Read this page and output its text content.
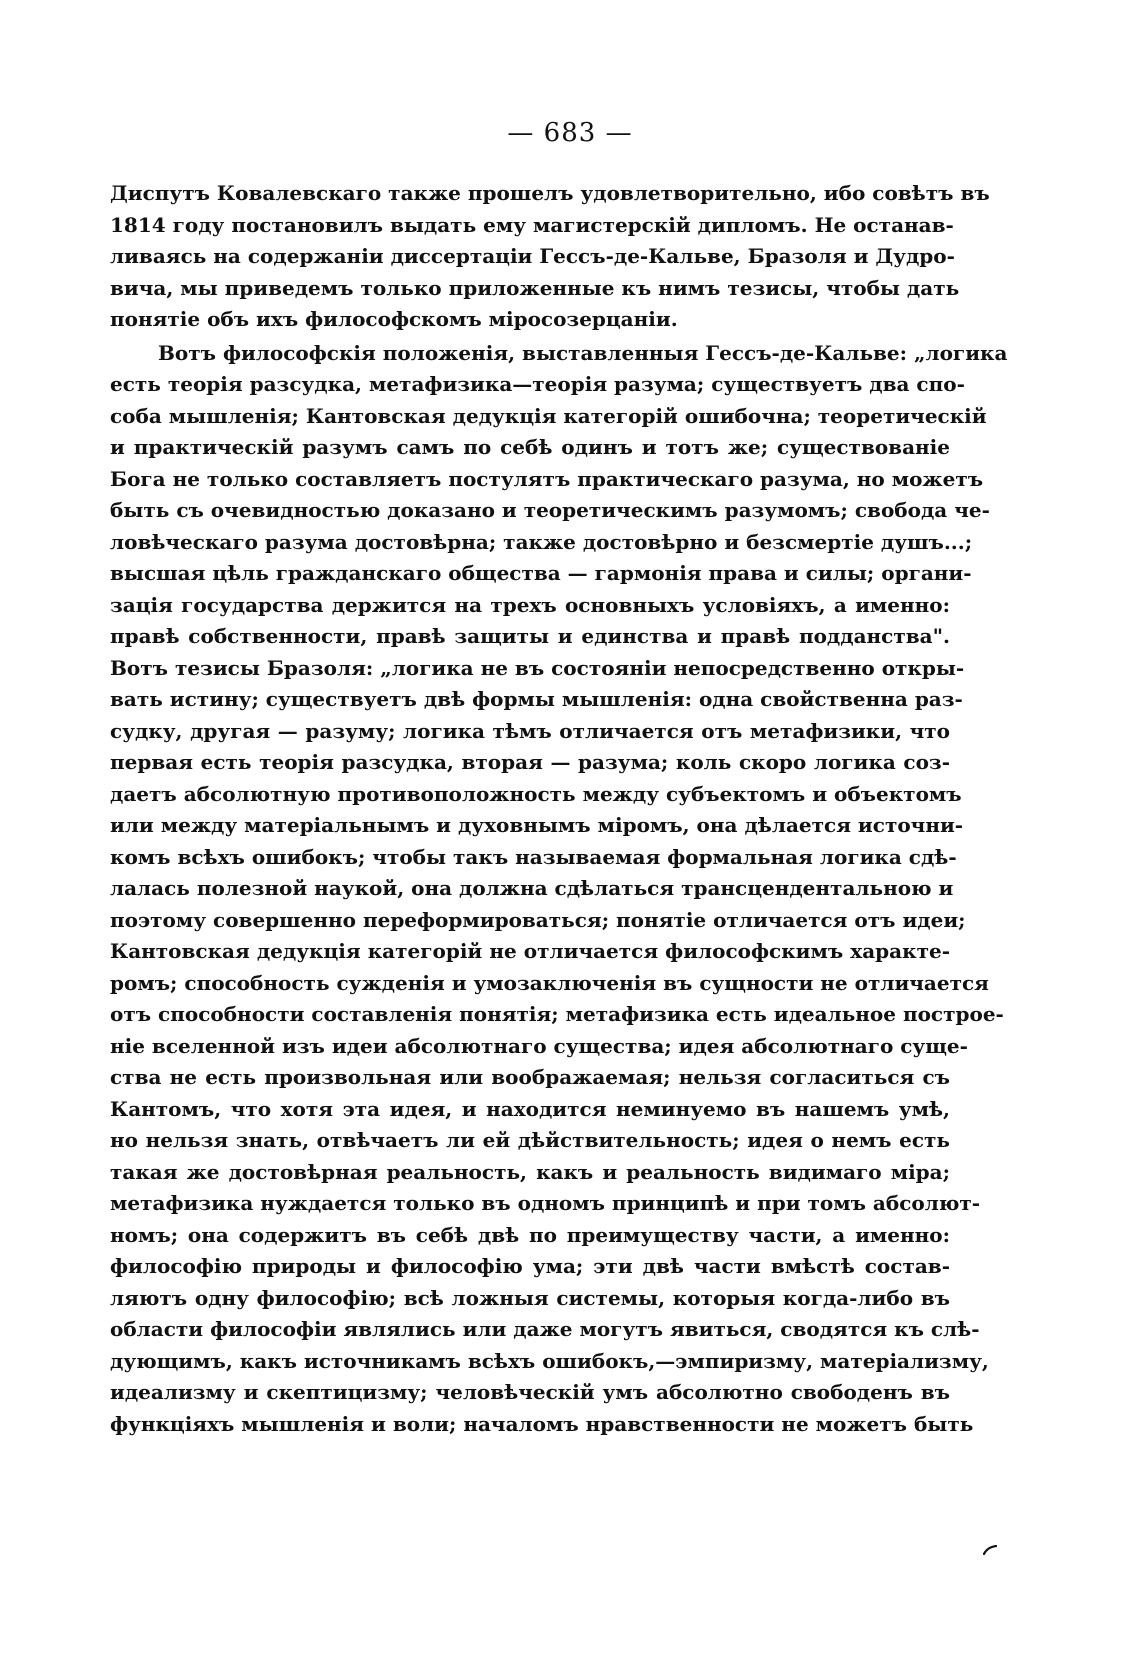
— 683 —
Диспутъ Ковалевскаго также прошелъ удовлетворительно, ибо совѣтъ въ
1814 году постановилъ выдать ему магистерскій дипломъ. Не останав-
ливаясь на содержаніи диссертаціи Гессъ-де-Кальве, Бразоля и Дудро-
вича, мы приведемъ только приложенные къ нимъ тезисы, чтобы дать
понятіе объ ихъ философскомъ міросозерцаніи.
Вотъ философскія положенія, выставленныя Гессъ-де-Кальве: „логика
есть теорія разсудка, метафизика—теорія разума; существуетъ два спо-
соба мышленія; Кантовская дедукція категорій ошибочна; теоретическій
и практическій разумъ самъ по себѣ одинъ и тотъ же; существованіе
Бога не только составляетъ постулятъ практическаго разума, но можетъ
быть съ очевидностью доказано и теоретическимъ разумомъ; свобода че-
ловѣческаго разума достовѣрна; также достовѣрно и безсмертіе душъ...;
высшая цѣль гражданскаго общества — гармонія права и силы; органи-
зація государства держится на трехъ основныхъ условіяхъ, а именно:
правѣ собственности, правѣ защиты и единства и правѣ подданства".
Вотъ тезисы Бразоля: „логика не въ состояніи непосредственно откры-
вать истину; существуетъ двѣ формы мышленія: одна свойственна раз-
судку, другая — разуму; логика тѣмъ отличается отъ метафизики, что
первая есть теорія разсудка, вторая — разума; коль скоро логика соз-
даетъ абсолютную противоположность между субъектомъ и объектомъ
или между матеріальнымъ и духовнымъ міромъ, она дѣлается источни-
комъ всѣхъ ошибокъ; чтобы такъ называемая формальная логика сдѣ-
лалась полезной наукой, она должна сдѣлаться трансцендентальною и
поэтому совершенно переформироваться; понятіе отличается отъ идеи;
Кантовская дедукція категорій не отличается философскимъ характе-
ромъ; способность сужденія и умозаключенія въ сущности не отличается
отъ способности составленія понятія; метафизика есть идеальное построе-
ніе вселенной изъ идеи абсолютнаго существа; идея абсолютнаго суще-
ства не есть произвольная или воображаемая; нельзя согласиться съ
Кантомъ, что хотя эта идея, и находится неминуемо въ нашемъ умѣ,
но нельзя знать, отвѣчаетъ ли ей дѣйствительность; идея о немъ есть
такая же достовѣрная реальность, какъ и реальность видимаго міра;
метафизика нуждается только въ одномъ принципѣ и при томъ абсолют-
номъ; она содержитъ въ себѣ двѣ по преимуществу части, а именно:
философію природы и философію ума; эти двѣ части вмѣстѣ состав-
ляютъ одну философію; всѣ ложныя системы, которыя когда-либо въ
области философіи являлись или даже могутъ явиться, сводятся къ слѣ-
дующимъ, какъ источникамъ всѣхъ ошибокъ,—эмпиризму, матеріализму,
идеализму и скептицизму; человѣческій умъ абсолютно свободенъ въ
функціяхъ мышленія и воли; началомъ нравственности не можетъ быть
